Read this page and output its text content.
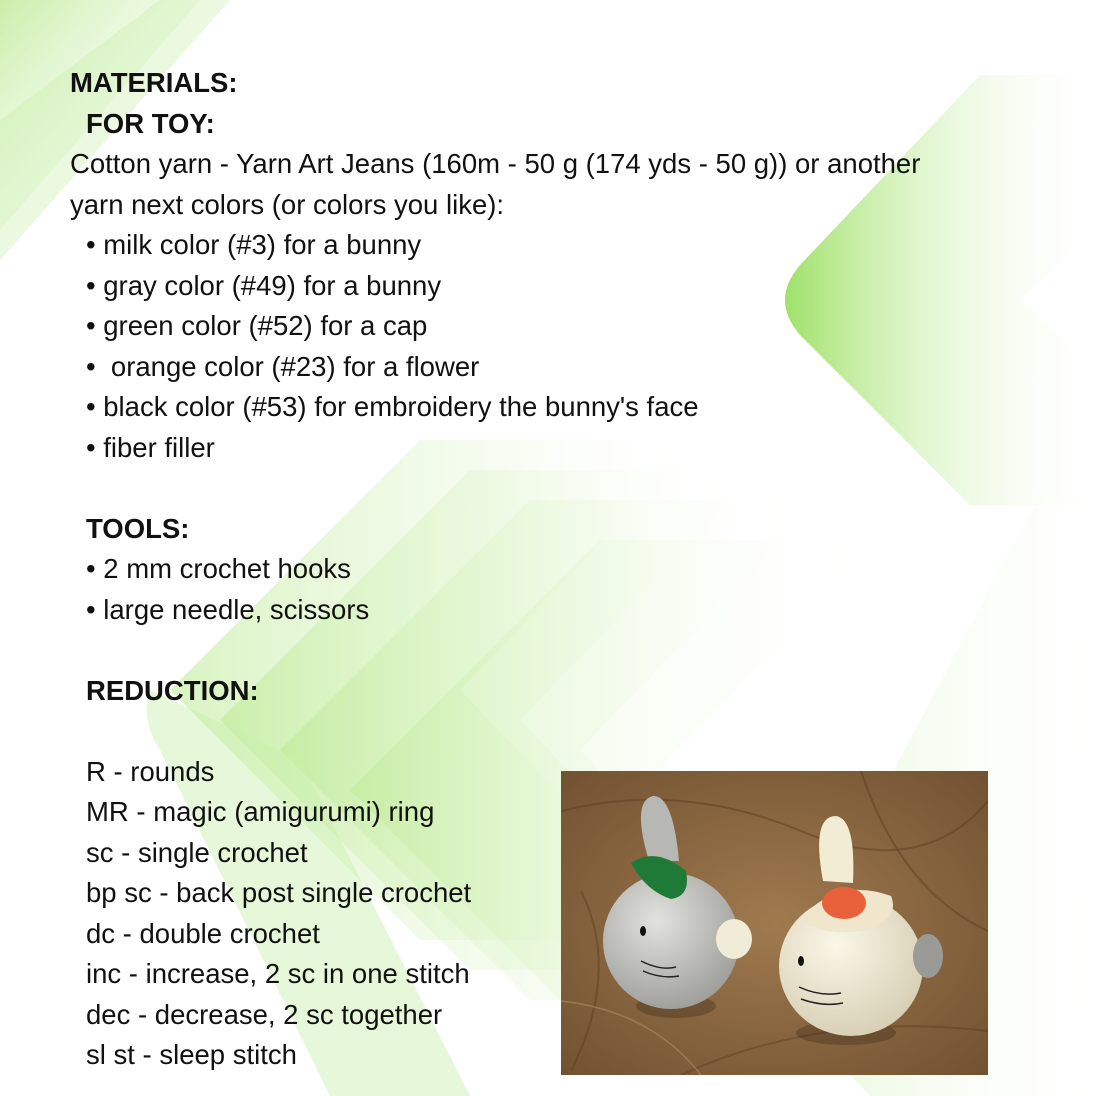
MATERIALS:
FOR TOY:
Cotton yarn - Yarn Art Jeans (160m - 50 g (174 yds - 50 g)) or another
yarn next colors (or colors you like):
• milk color (#3) for a bunny
• gray color (#49) for a bunny
• green color (#52) for a cap
•  orange color (#23) for a flower
• black color (#53) for embroidery the bunny's face
• fiber filler
TOOLS:
• 2 mm crochet hooks
• large needle, scissors
REDUCTION:
R - rounds
MR - magic (amigurumi) ring
sc - single crochet
bp sc - back post single crochet
dc - double crochet
inc - increase, 2 sc in one stitch
dec - decrease, 2 sc together
sl st - sleep stitch
